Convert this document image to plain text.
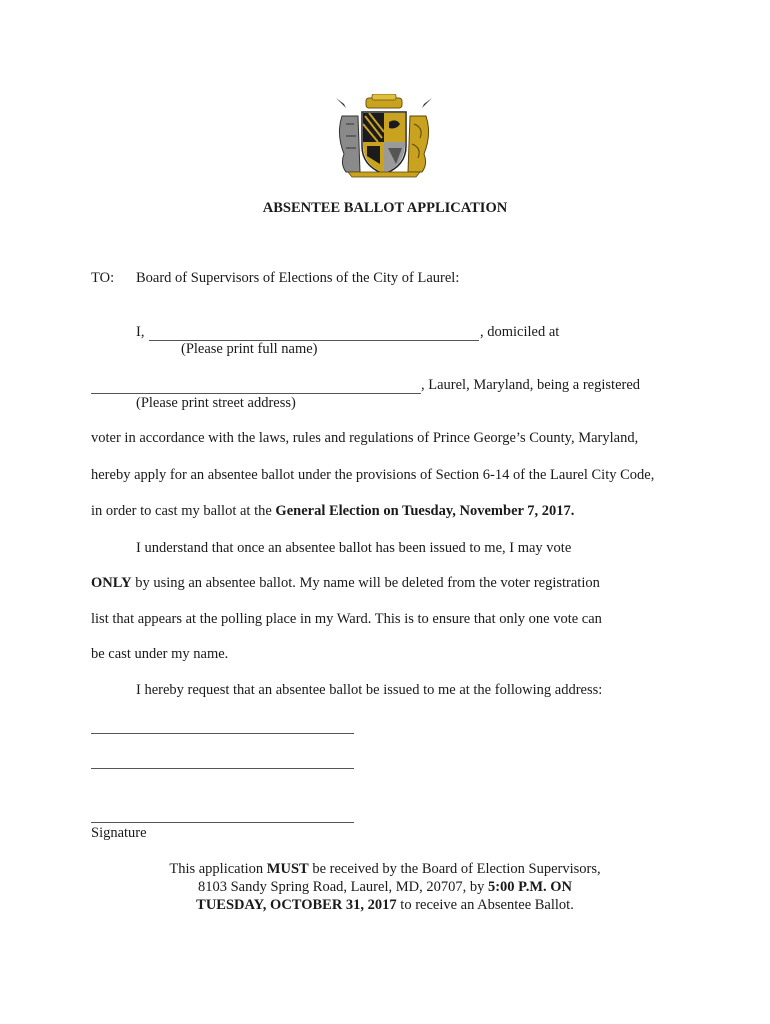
ABSENTEE BALLOT APPLICATION
TO: Board of Supervisors of Elections of the City of Laurel:
I,	, domiciled at
(Please print full name)
, Laurel, Maryland, being a registered
(Please print street address)
voter in accordance with the laws, rules and regulations of Prince George’s County, Maryland,
hereby apply for an absentee ballot under the provisions of Section 6-14 of the Laurel City Code,
in order to cast my ballot at the General Election on Tuesday, November 7, 2017.
I understand that once an absentee ballot has been issued to me, I may vote
ONLY by using an absentee ballot. My name will be deleted from the voter registration
list that appears at the polling place in my Ward. This is to ensure that only one vote can
be cast under my name.
I hereby request that an absentee ballot be issued to me at the following address:
Signature
This application MUST be received by the Board of Election Supervisors,
8103 Sandy Spring Road, Laurel, MD, 20707, by 5:00 P.M. ON
TUESDAY, OCTOBER 31, 2017 to receive an Absentee Ballot.
